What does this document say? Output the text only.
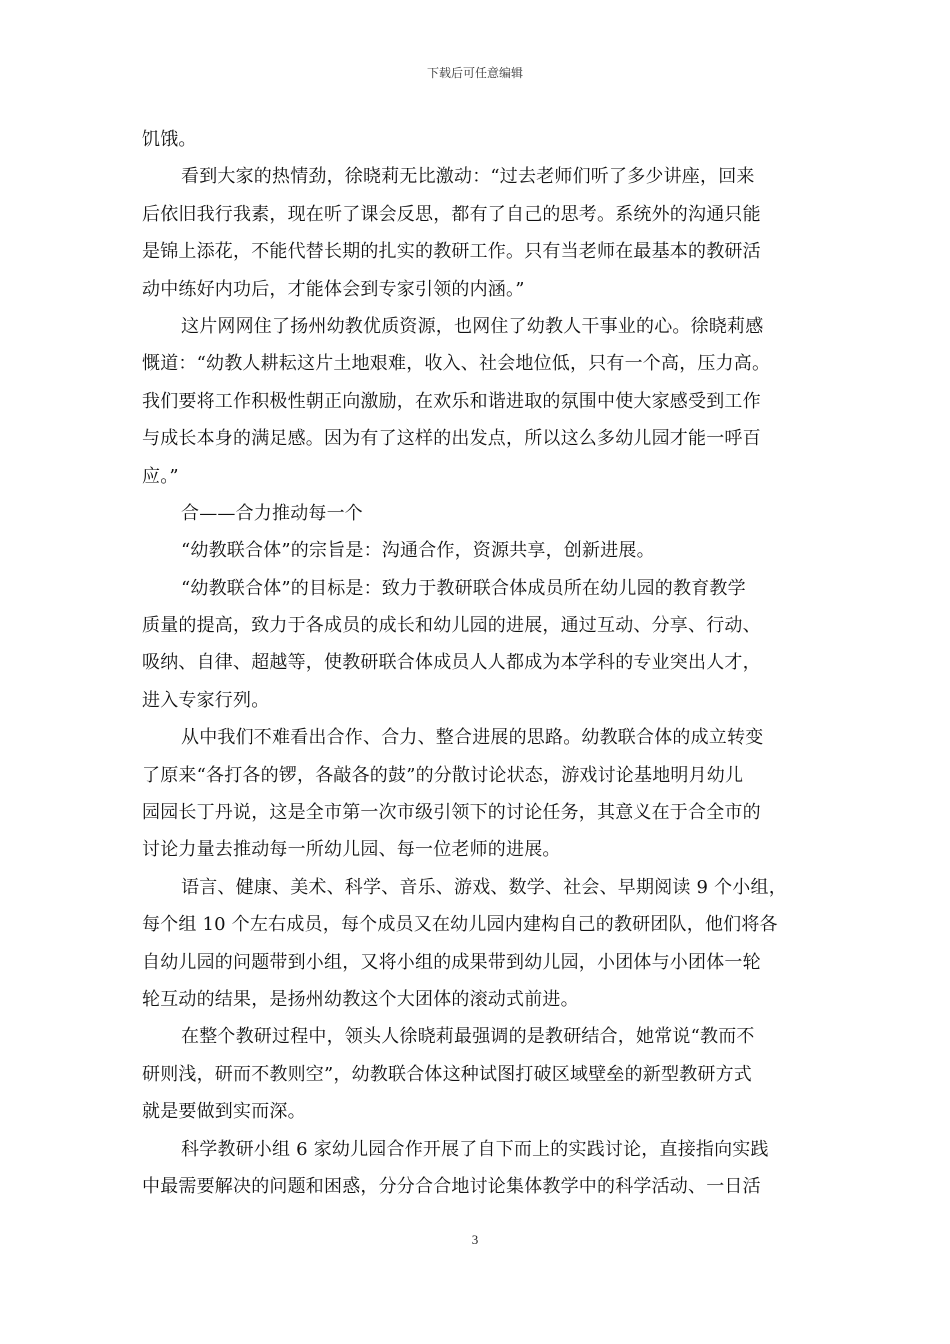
下载后可任意编辑
饥饿。
看到大家的热情劲，徐晓莉无比激动：“过去老师们听了多少讲座，回来
后依旧我行我素，现在听了课会反思，都有了自己的思考。系统外的沟通只能
是锦上添花，不能代替长期的扎实的教研工作。只有当老师在最基本的教研活
动中练好内功后，才能体会到专家引领的内涵。”
这片网网住了扬州幼教优质资源，也网住了幼教人干事业的心。徐晓莉感
慨道：“幼教人耕耘这片土地艰难，收入、社会地位低，只有一个高，压力高。
我们要将工作积极性朝正向激励，在欢乐和谐进取的氛围中使大家感受到工作
与成长本身的满足感。因为有了这样的出发点，所以这么多幼儿园才能一呼百
应。”
合——合力推动每一个
“幼教联合体”的宗旨是：沟通合作，资源共享，创新进展。
“幼教联合体”的目标是：致力于教研联合体成员所在幼儿园的教育教学
质量的提高，致力于各成员的成长和幼儿园的进展，通过互动、分享、行动、
吸纳、自律、超越等，使教研联合体成员人人都成为本学科的专业突出人才，
进入专家行列。
从中我们不难看出合作、合力、整合进展的思路。幼教联合体的成立转变
了原来“各打各的锣，各敲各的鼓”的分散讨论状态，游戏讨论基地明月幼儿
园园长丁丹说，这是全市第一次市级引领下的讨论任务，其意义在于合全市的
讨论力量去推动每一所幼儿园、每一位老师的进展。
语言、健康、美术、科学、音乐、游戏、数学、社会、早期阅读 9 个小组，
每个组 10 个左右成员，每个成员又在幼儿园内建构自己的教研团队，他们将各
自幼儿园的问题带到小组，又将小组的成果带到幼儿园，小团体与小团体一轮
轮互动的结果，是扬州幼教这个大团体的滚动式前进。
在整个教研过程中，领头人徐晓莉最强调的是教研结合，她常说“教而不
研则浅，研而不教则空”，幼教联合体这种试图打破区域壁垒的新型教研方式
就是要做到实而深。
科学教研小组 6 家幼儿园合作开展了自下而上的实践讨论，直接指向实践
中最需要解决的问题和困惑，分分合合地讨论集体教学中的科学活动、一日活
3
